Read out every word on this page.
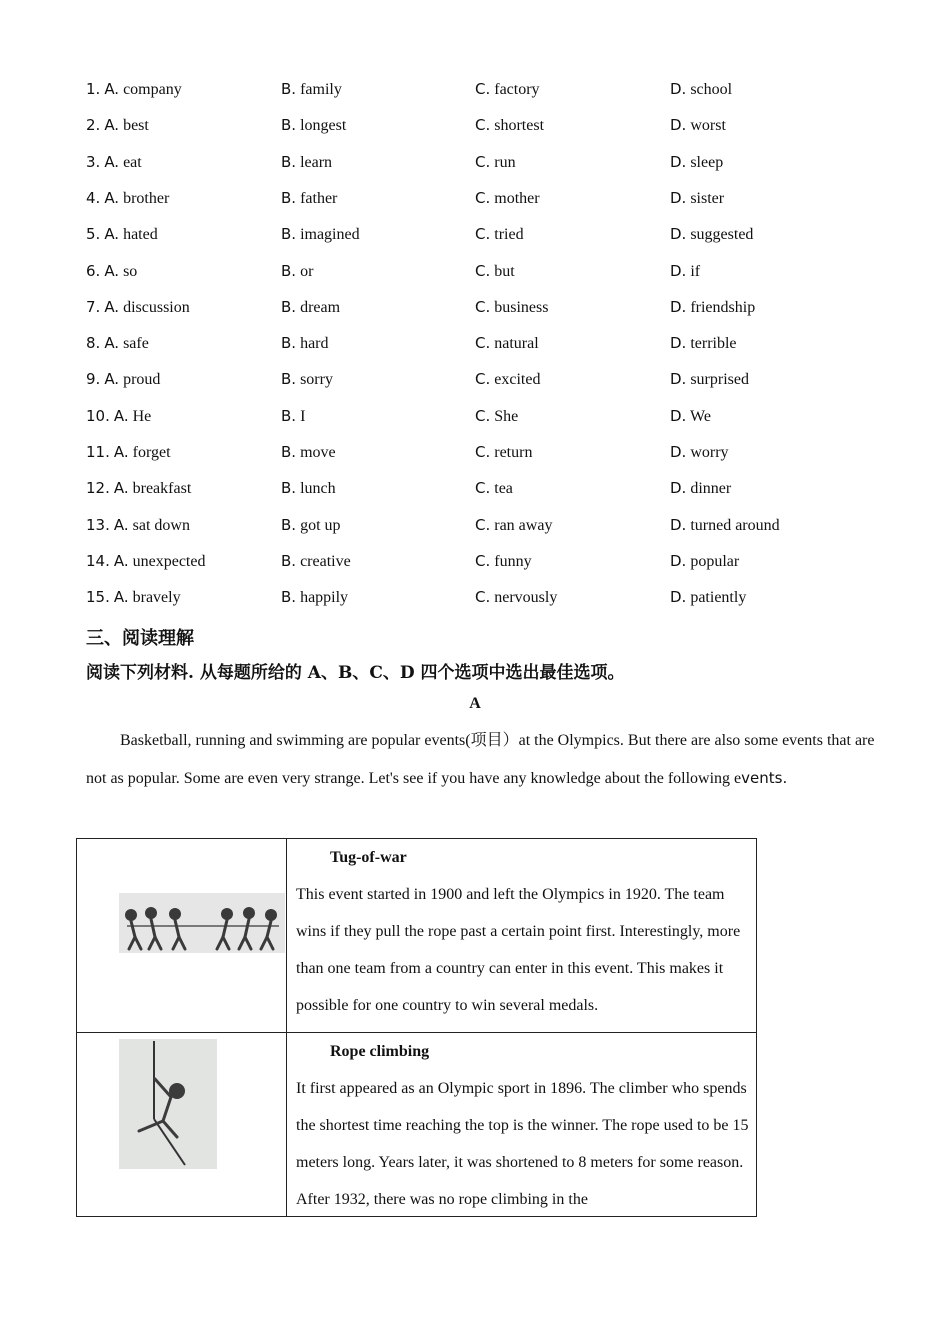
1. A. company	B. family	C. factory	D. school
2. A. best	B. longest	C. shortest	D. worst
3. A. eat	B. learn	C. run	D. sleep
4. A. brother	B. father	C. mother	D. sister
5. A. hated	B. imagined	C. tried	D. suggested
6. A. so	B. or	C. but	D. if
7. A. discussion	B. dream	C. business	D. friendship
8. A. safe	B. hard	C. natural	D. terrible
9. A. proud	B. sorry	C. excited	D. surprised
10. A. He	B. I	C. She	D. We
11. A. forget	B. move	C. return	D. worry
12. A. breakfast	B. lunch	C. tea	D. dinner
13. A. sat down	B. got up	C. ran away	D. turned around
14. A. unexpected	B. creative	C. funny	D. popular
15. A. bravely	B. happily	C. nervously	D. patiently
三、阅读理解
阅读下列材料. 从每题所给的 A、B、C、D 四个选项中选出最佳选项。
A
Basketball, running and swimming are popular events(项目）at the Olympics. But there are also some events that are not as popular. Some are even very strange. Let's see if you have any knowledge about the following events.
Tug-of-war
This event started in 1900 and left the Olympics in 1920. The team wins if they pull the rope past a certain point first. Interestingly, more than one team from a country can enter in this event. This makes it possible for one country to win several medals.
Rope climbing
It first appeared as an Olympic sport in 1896. The climber who spends the shortest time reaching the top is the winner. The rope used to be 15 meters long. Years later, it was shortened to 8 meters for some reason. After 1932, there was no rope climbing in the
